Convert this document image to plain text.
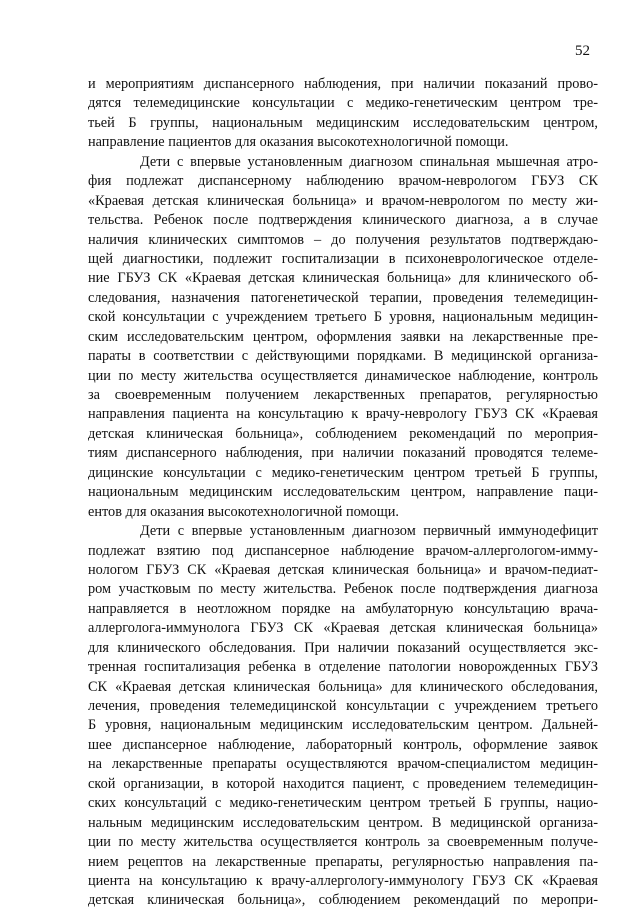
52
и мероприятиям диспансерного наблюдения, при наличии показаний прово-
дятся телемедицинские консультации с медико-генетическим центром тре-
тьей Б группы, национальным медицинским исследовательским центром,
направление пациентов для оказания высокотехнологичной помощи.
Дети с впервые установленным диагнозом спинальная мышечная атро-
фия подлежат диспансерному наблюдению врачом-неврологом ГБУЗ СК
«Краевая детская клиническая больница» и врачом-неврологом по месту жи-
тельства. Ребенок после подтверждения клинического диагноза, а в случае
наличия клинических симптомов – до получения результатов подтверждаю-
щей диагностики, подлежит госпитализации в психоневрологическое отделе-
ние ГБУЗ СК «Краевая детская клиническая больница» для клинического об-
следования, назначения патогенетической терапии, проведения телемедицин-
ской консультации с учреждением третьего Б уровня, национальным медицин-
ским исследовательским центром, оформления заявки на лекарственные пре-
параты в соответствии с действующими порядками. В медицинской организа-
ции по месту жительства осуществляется динамическое наблюдение, контроль
за своевременным получением лекарственных препаратов, регулярностью
направления пациента на консультацию к врачу-неврологу ГБУЗ СК «Краевая
детская клиническая больница», соблюдением рекомендаций по мероприя-
тиям диспансерного наблюдения, при наличии показаний проводятся телеме-
дицинские консультации с медико-генетическим центром третьей Б группы,
национальным медицинским исследовательским центром, направление паци-
ентов для оказания высокотехнологичной помощи.
Дети с впервые установленным диагнозом первичный иммунодефицит
подлежат взятию под диспансерное наблюдение врачом-аллергологом-имму-
нологом ГБУЗ СК «Краевая детская клиническая больница» и врачом-педиат-
ром участковым по месту жительства. Ребенок после подтверждения диагноза
направляется в неотложном порядке на амбулаторную консультацию врача-
аллерголога-иммунолога ГБУЗ СК «Краевая детская клиническая больница»
для клинического обследования. При наличии показаний осуществляется экс-
тренная госпитализация ребенка в отделение патологии новорожденных ГБУЗ
СК «Краевая детская клиническая больница» для клинического обследования,
лечения, проведения телемедицинской консультации с учреждением третьего
Б уровня, национальным медицинским исследовательским центром. Дальней-
шее диспансерное наблюдение, лабораторный контроль, оформление заявок
на лекарственные препараты осуществляются врачом-специалистом медицин-
ской организации, в которой находится пациент, с проведением телемедицин-
ских консультаций с медико-генетическим центром третьей Б группы, нацио-
нальным медицинским исследовательским центром. В медицинской организа-
ции по месту жительства осуществляется контроль за своевременным получе-
нием рецептов на лекарственные препараты, регулярностью направления па-
циента на консультацию к врачу-аллергологу-иммунологу ГБУЗ СК «Краевая
детская клиническая больница», соблюдением рекомендаций по меропри-
